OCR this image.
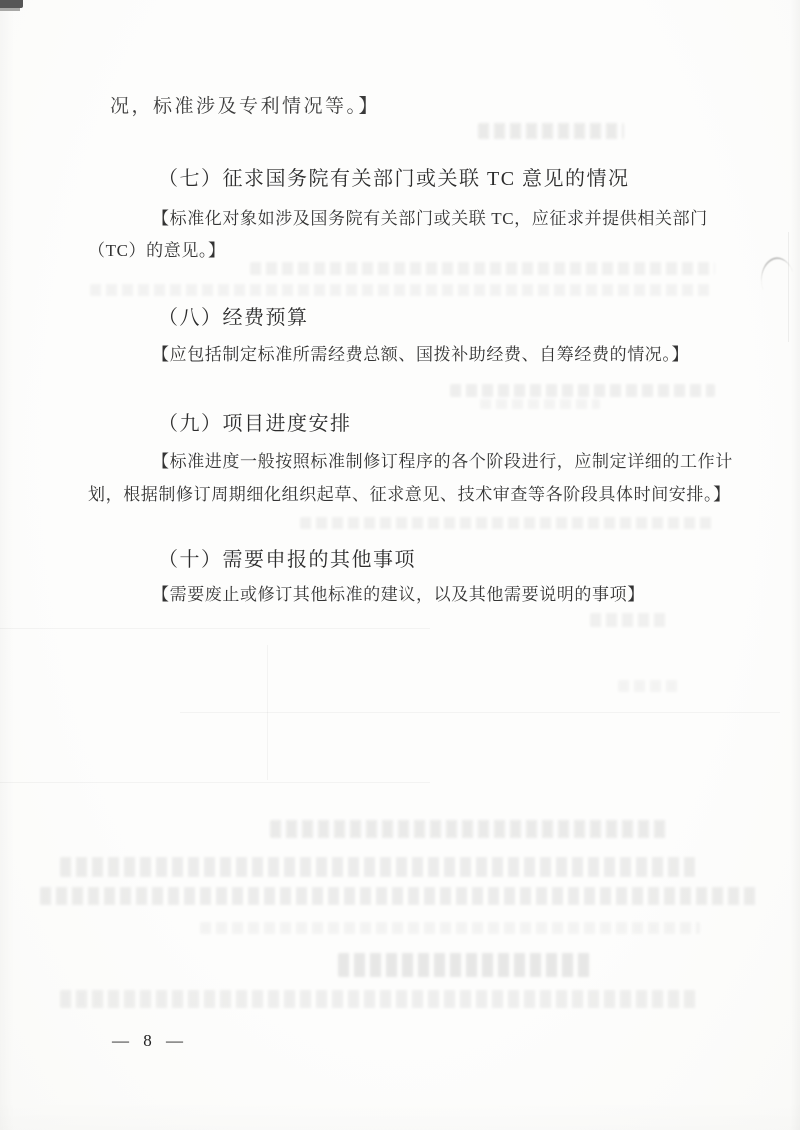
况，标准涉及专利情况等。】
（七）征求国务院有关部门或关联 TC 意见的情况
【标准化对象如涉及国务院有关部门或关联 TC，应征求并提供相关部门
（TC）的意见。】
（八）经费预算
【应包括制定标准所需经费总额、国拨补助经费、自筹经费的情况。】
（九）项目进度安排
【标准进度一般按照标准制修订程序的各个阶段进行，应制定详细的工作计
划，根据制修订周期细化组织起草、征求意见、技术审查等各阶段具体时间安排。】
（十）需要申报的其他事项
【需要废止或修订其他标准的建议，以及其他需要说明的事项】
— 8 —
